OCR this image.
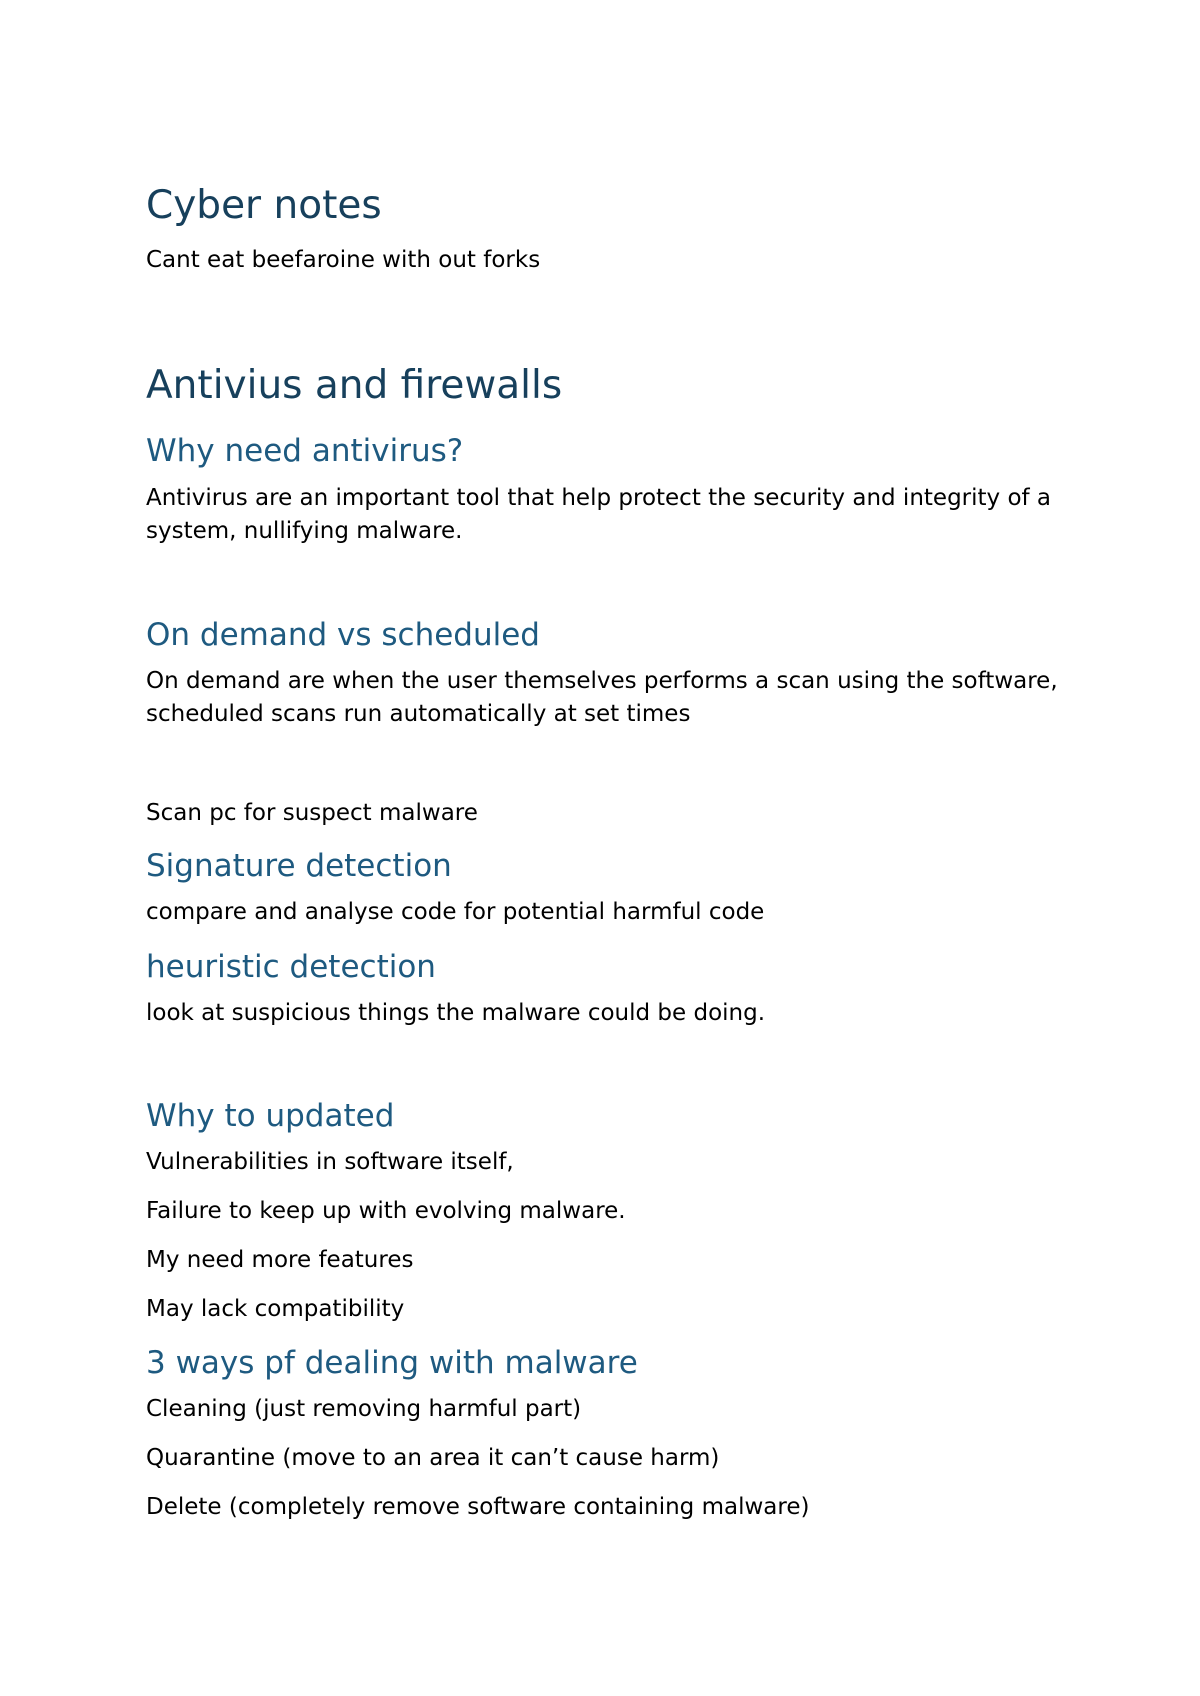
Cyber notes

Cant eat beefaroine with out forks

Antivius and firewalls
Why need antivirus?

Antivirus are an important tool that help protect the security and integrity of a system, nullifying malware.

On demand vs scheduled

On demand are when the user themselves performs a scan using the software, scheduled scans run automatically at set times

Scan pc for suspect malware

Signature detection

compare and analyse code for potential harmful code

heuristic detection

look at suspicious things the malware could be doing.

Why to updated

Vulnerabilities in software itself,

Failure to keep up with evolving malware.

My need more features

May lack compatibility

3 ways pf dealing with malware

Cleaning (just removing harmful part)

Quarantine (move to an area it can’t cause harm)

Delete (completely remove software containing malware)
